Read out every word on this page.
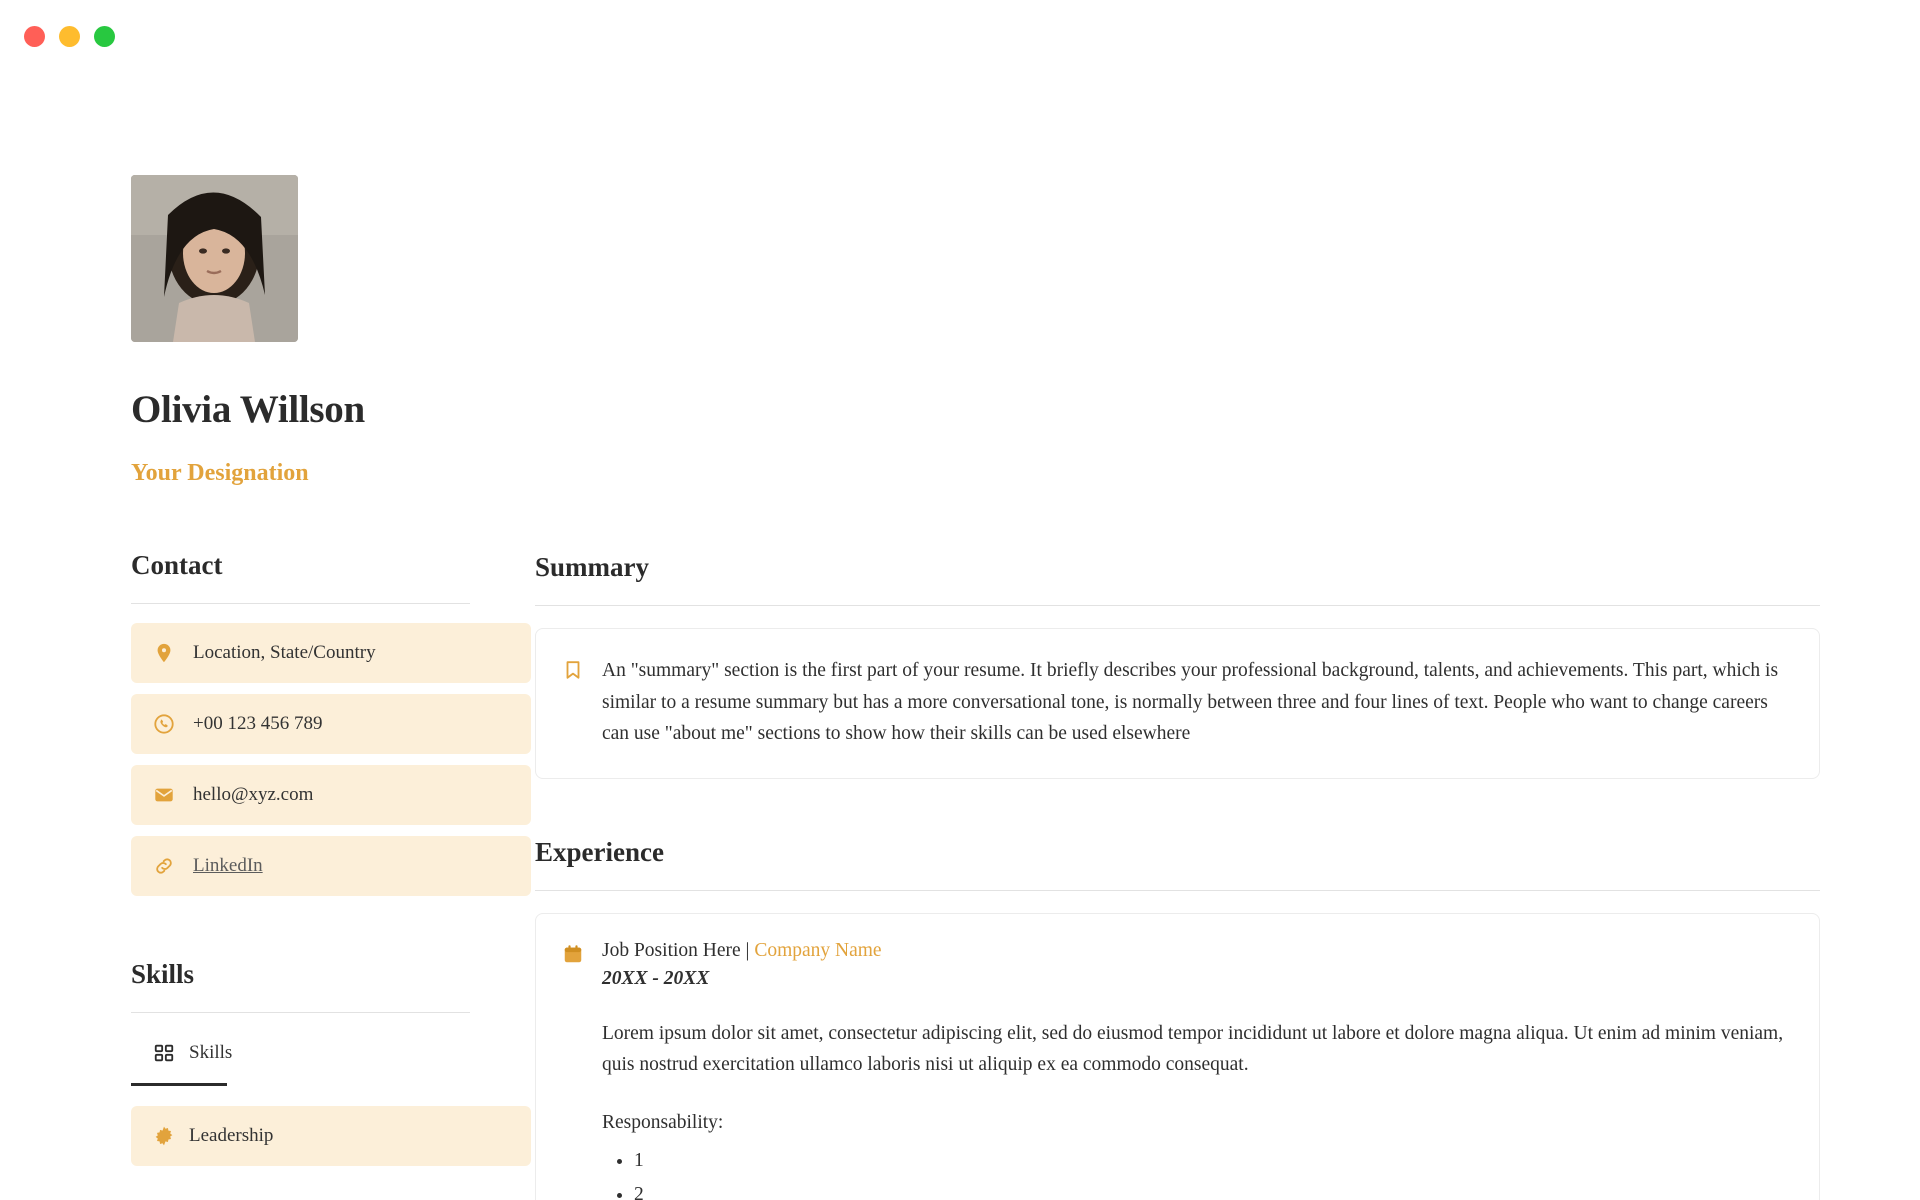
Olivia Willson
Your Designation
Contact
Location, State/Country
+00 123 456 789
hello@xyz.com
LinkedIn
Skills
Skills
Leadership
Summary

An "summary" section is the first part of your resume. It briefly describes your professional background, talents, and achievements. This part, which is similar to a resume summary but has a more conversational tone, is normally between three and four lines of text. People who want to change careers can use "about me" sections to show how their skills can be used elsewhere

Experience
Job Position Here | Company Name
20XX - 20XX

Lorem ipsum dolor sit amet, consectetur adipiscing elit, sed do eiusmod tempor incididunt ut labore et dolore magna aliqua. Ut enim ad minim veniam, quis nostrud exercitation ullamco laboris nisi ut aliquip ex ea commodo consequat.

Responsability:

• 1
• 2
